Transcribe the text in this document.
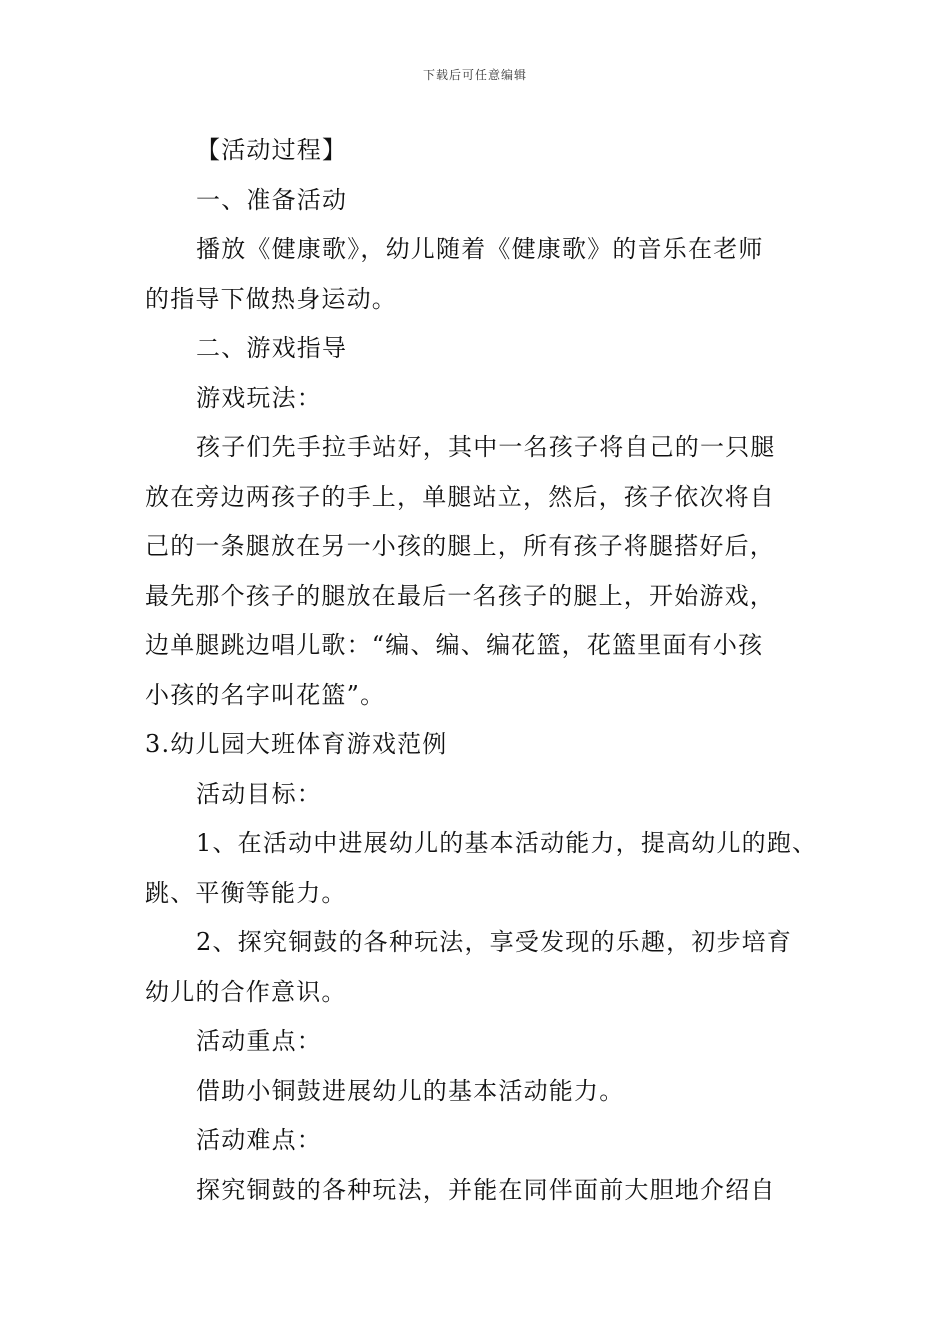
下载后可任意编辑
【活动过程】
一、准备活动
播放《健康歌》，幼儿随着《健康歌》的音乐在老师
的指导下做热身运动。
二、游戏指导
游戏玩法：
孩子们先手拉手站好，其中一名孩子将自己的一只腿
放在旁边两孩子的手上，单腿站立，然后，孩子依次将自
己的一条腿放在另一小孩的腿上，所有孩子将腿搭好后，
最先那个孩子的腿放在最后一名孩子的腿上，开始游戏，
边单腿跳边唱儿歌：“编、编、编花篮，花篮里面有小孩
小孩的名字叫花篮”。
3.幼儿园大班体育游戏范例
活动目标：
1、在活动中进展幼儿的基本活动能力，提高幼儿的跑、
跳、平衡等能力。
2、探究铜鼓的各种玩法，享受发现的乐趣，初步培育
幼儿的合作意识。
活动重点：
借助小铜鼓进展幼儿的基本活动能力。
活动难点：
探究铜鼓的各种玩法，并能在同伴面前大胆地介绍自
